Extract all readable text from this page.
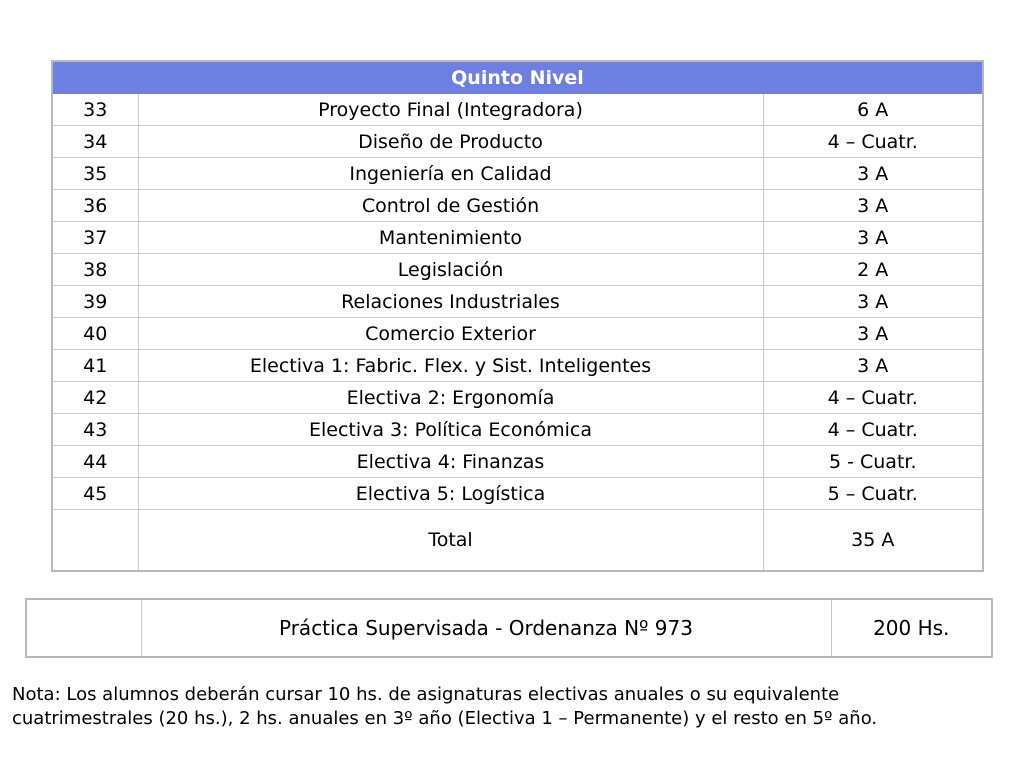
Quinto Nivel		
33	Proyecto Final (Integradora)	6 A
34	Diseño de Producto	4 – Cuatr.
35	Ingeniería en Calidad	3 A
36	Control de Gestión	3 A
37	Mantenimiento	3 A
38	Legislación	2 A
39	Relaciones Industriales	3 A
40	Comercio Exterior	3 A
41	Electiva 1: Fabric. Flex. y Sist. Inteligentes	3 A
42	Electiva 2: Ergonomía	4 – Cuatr.
43	Electiva 3: Política Económica	4 – Cuatr.
44	Electiva 4: Finanzas	5 - Cuatr.
45	Electiva 5: Logística	5 – Cuatr.
	Total	35 A
	Práctica Supervisada - Ordenanza Nº 973	200 Hs.
Nota: Los alumnos deberán cursar 10 hs. de asignaturas electivas anuales o su equivalente
cuatrimestrales (20 hs.), 2 hs. anuales en 3º año (Electiva 1 – Permanente) y el resto en 5º año.
